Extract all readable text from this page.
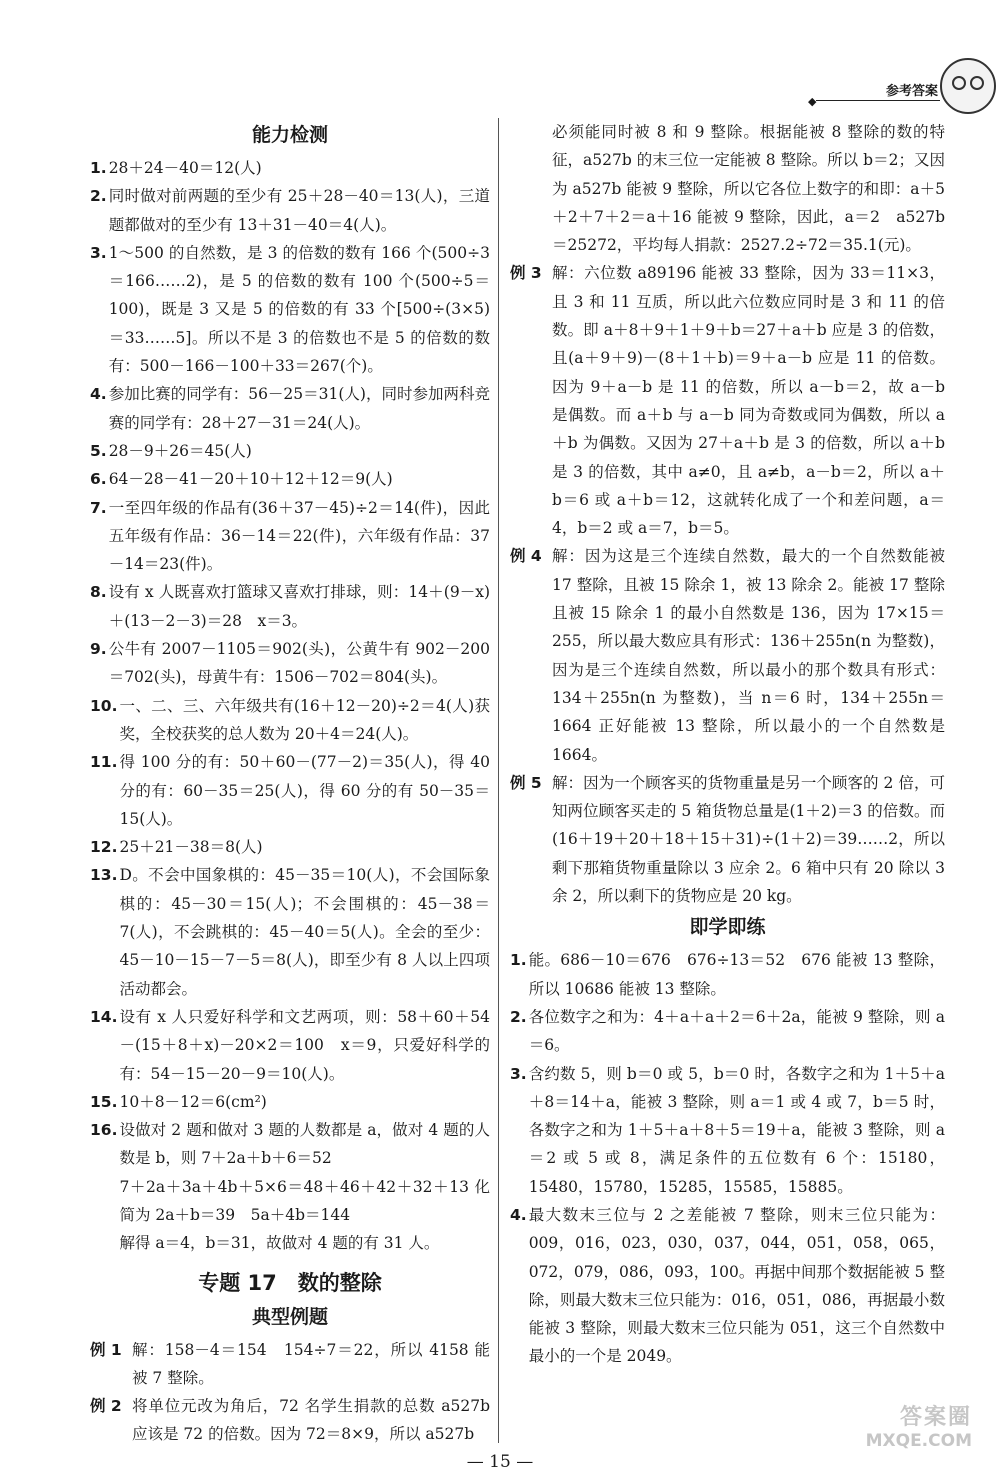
◆
参考答案
能力检测
1. 28＋24－40＝12(人)
2. 同时做对前两题的至少有 25＋28－40＝13(人)，三道题都做对的至少有 13＋31－40＝4(人)。
3. 1～500 的自然数，是 3 的倍数的数有 166 个(500÷3＝166……2)，是 5 的倍数的数有 100 个(500÷5＝100)，既是 3 又是 5 的倍数的有 33 个[500÷(3×5)＝33……5]。所以不是 3 的倍数也不是 5 的倍数的数有：500－166－100＋33＝267(个)。
4. 参加比赛的同学有：56－25＝31(人)，同时参加两科竞赛的同学有：28＋27－31＝24(人)。
5. 28－9＋26＝45(人)
6. 64－28－41－20＋10＋12＋12＝9(人)
7. 一至四年级的作品有(36＋37－45)÷2＝14(件)，因此五年级有作品：36－14＝22(件)，六年级有作品：37－14＝23(件)。
8. 设有 x 人既喜欢打篮球又喜欢打排球，则：14＋(9－x)＋(13－2－3)＝28　x＝3。
9. 公牛有 2007－1105＝902(头)，公黄牛有 902－200＝702(头)，母黄牛有：1506－702＝804(头)。
10. 一、二、三、六年级共有(16＋12－20)÷2＝4(人)获奖，全校获奖的总人数为 20＋4＝24(人)。
11. 得 100 分的有：50＋60－(77－2)＝35(人)，得 40 分的有：60－35＝25(人)，得 60 分的有 50－35＝15(人)。
12. 25＋21－38＝8(人)
13. D。不会中国象棋的：45－35＝10(人)，不会国际象棋的：45－30＝15(人)；不会围棋的：45－38＝7(人)，不会跳棋的：45－40＝5(人)。全会的至少：45－10－15－7－5＝8(人)，即至少有 8 人以上四项活动都会。
14. 设有 x 人只爱好科学和文艺两项，则：58＋60＋54－(15＋8＋x)－20×2＝100　x＝9，只爱好科学的有：54－15－20－9＝10(人)。
15. 10＋8－12＝6(cm²)
16. 设做对 2 题和做对 3 题的人数都是 a，做对 4 题的人数是 b，则 7＋2a＋b＋6＝52
7＋2a＋3a＋4b＋5×6＝48＋46＋42＋32＋13 化简为 2a＋b＝39　5a＋4b＝144
解得 a＝4，b＝31，故做对 4 题的有 31 人。
专题 17　数的整除
典型例题
例 1 解：158－4＝154　154÷7＝22，所以 4158 能被 7 整除。
例 2 将单位元改为角后，72 名学生捐款的总数 a527b 应该是 72 的倍数。因为 72＝8×9，所以 a527b
必须能同时被 8 和 9 整除。根据能被 8 整除的数的特征，a527b 的末三位一定能被 8 整除。所以 b＝2；又因为 a527b 能被 9 整除，所以它各位上数字的和即：a＋5＋2＋7＋2＝a＋16 能被 9 整除，因此，a＝2　a527b＝25272，平均每人捐款：2527.2÷72＝35.1(元)。
例 3 解：六位数 a89196 能被 33 整除，因为 33＝11×3，且 3 和 11 互质，所以此六位数应同时是 3 和 11 的倍数。即 a＋8＋9＋1＋9＋b＝27＋a＋b 应是 3 的倍数，且(a＋9＋9)－(8＋1＋b)＝9＋a－b 应是 11 的倍数。因为 9＋a－b 是 11 的倍数，所以 a－b＝2，故 a－b 是偶数。而 a＋b 与 a－b 同为奇数或同为偶数，所以 a＋b 为偶数。又因为 27＋a＋b 是 3 的倍数，所以 a＋b 是 3 的倍数，其中 a≠0，且 a≠b，a－b＝2，所以 a＋b＝6 或 a＋b＝12，这就转化成了一个和差问题，a＝4，b＝2 或 a＝7，b＝5。
例 4 解：因为这是三个连续自然数，最大的一个自然数能被 17 整除，且被 15 除余 1，被 13 除余 2。能被 17 整除且被 15 除余 1 的最小自然数是 136，因为 17×15＝255，所以最大数应具有形式：136＋255n(n 为整数)，因为是三个连续自然数，所以最小的那个数具有形式：134＋255n(n 为整数)，当 n＝6 时，134＋255n＝1664 正好能被 13 整除，所以最小的一个自然数是 1664。
例 5 解：因为一个顾客买的货物重量是另一个顾客的 2 倍，可知两位顾客买走的 5 箱货物总量是(1＋2)＝3 的倍数。而(16＋19＋20＋18＋15＋31)÷(1＋2)＝39……2，所以剩下那箱货物重量除以 3 应余 2。6 箱中只有 20 除以 3 余 2，所以剩下的货物应是 20 kg。
即学即练
1. 能。686－10＝676　676÷13＝52　676 能被 13 整除，所以 10686 能被 13 整除。
2. 各位数字之和为：4＋a＋a＋2＝6＋2a，能被 9 整除，则 a＝6。
3. 含约数 5，则 b＝0 或 5，b＝0 时，各数字之和为 1＋5＋a＋8＝14＋a，能被 3 整除，则 a＝1 或 4 或 7，b＝5 时，各数字之和为 1＋5＋a＋8＋5＝19＋a，能被 3 整除，则 a＝2 或 5 或 8，满足条件的五位数有 6 个：15180，15480，15780，15285，15585，15885。
4. 最大数末三位与 2 之差能被 7 整除，则末三位只能为：009，016，023，030，037，044，051，058，065，072，079，086，093，100。再据中间那个数据能被 5 整除，则最大数末三位只能为：016，051，086，再据最小数能被 3 整除，则最大数末三位只能为 051，这三个自然数中最小的一个是 2049。
— 15 —
答案圈
MXQE.COM
